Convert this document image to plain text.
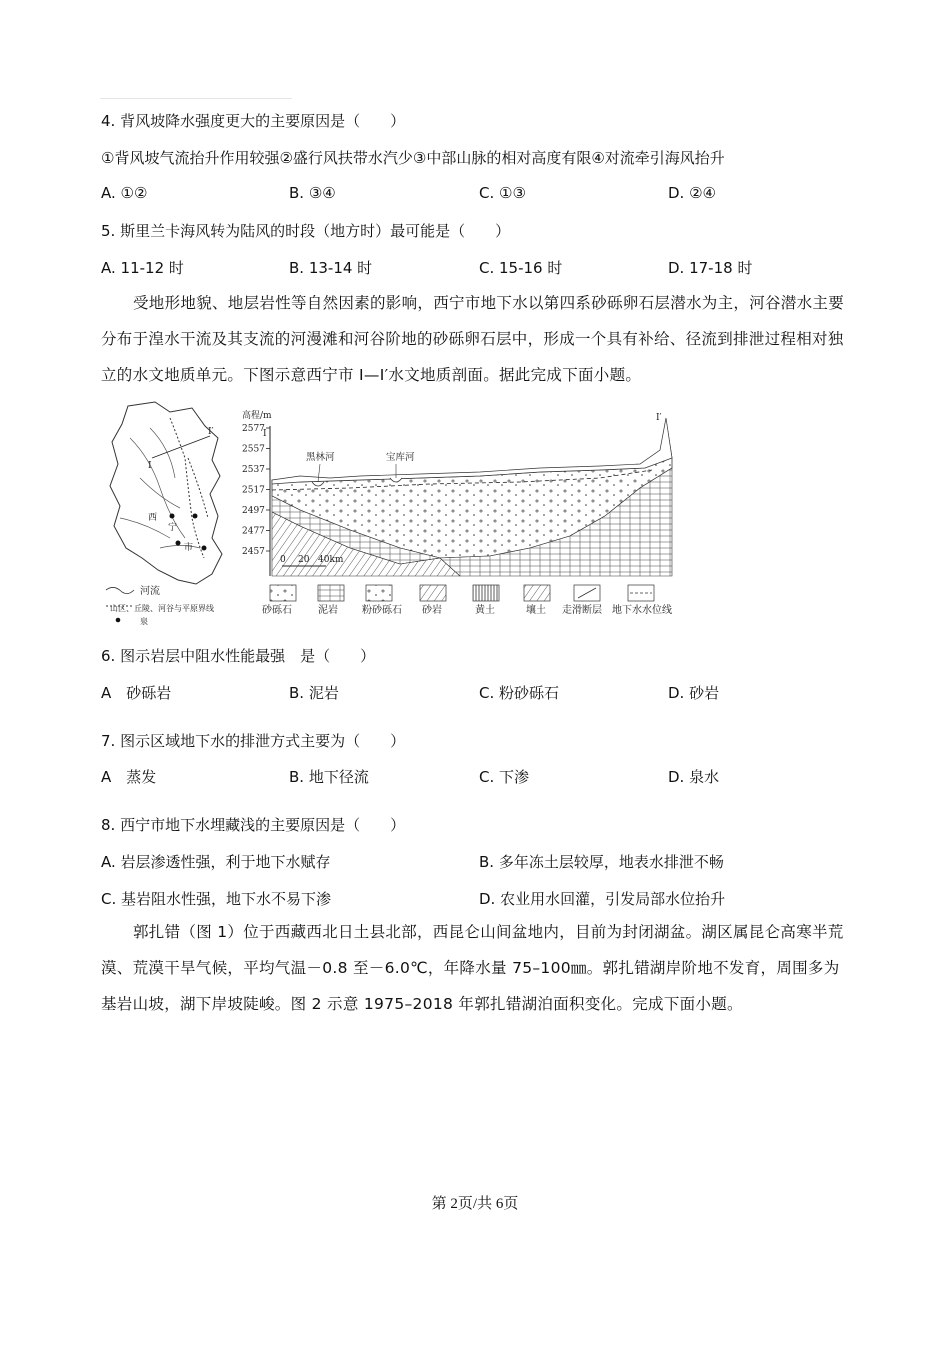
4. 背风坡降水强度更大的主要原因是（　　）
①背风坡气流抬升作用较强②盛行风扶带水汽少③中部山脉的相对高度有限④对流牵引海风抬升
A. ①②	B. ③④	C. ①③	D. ②④
5. 斯里兰卡海风转为陆风的时段（地方时）最可能是（　　）
A. 11-12 时	B. 13-14 时	C. 15-16 时	D. 17-18 时
受地形地貌、地层岩性等自然因素的影响，西宁市地下水以第四系砂砾卵石层潜水为主，河谷潜水主要分布于湟水干流及其支流的河漫滩和河谷阶地的砂砾卵石层中，形成一个具有补给、径流到排泄过程相对独立的水文地质单元。下图示意西宁市 I—I′水文地质剖面。据此完成下面小题。
I
I′
西
宁
市
河流
山区、丘陵、河谷与平原界线
泉
高程/m
2577
2557
2537
2517
2497
2477
2457
I
I′
黑林河	宝库河
0 20 40km
砂砾石	泥岩 粉砂砾石 砂岩	黄土	壤土 走滑断层 地下水水位线
6. 图示岩层中阻水性能最强　是（　　）
A　砂砾岩	B. 泥岩	C. 粉砂砾石	D. 砂岩
7. 图示区域地下水的排泄方式主要为（　　）
A　蒸发	B. 地下径流	C. 下渗	D. 泉水
8. 西宁市地下水埋藏浅的主要原因是（　　）
A. 岩层渗透性强，利于地下水赋存	B. 多年冻土层较厚，地表水排泄不畅
C. 基岩阻水性强，地下水不易下渗	D. 农业用水回灌，引发局部水位抬升
郭扎错（图 1）位于西藏西北日土县北部，西昆仑山间盆地内，目前为封闭湖盆。湖区属昆仑高寒半荒漠、荒漠干旱气候，平均气温－0.8 至－6.0℃，年降水量 75–100㎜。郭扎错湖岸阶地不发育，周围多为基岩山坡，湖下岸坡陡峻。图 2 示意 1975–2018 年郭扎错湖泊面积变化。完成下面小题。
第 2页/共 6页
